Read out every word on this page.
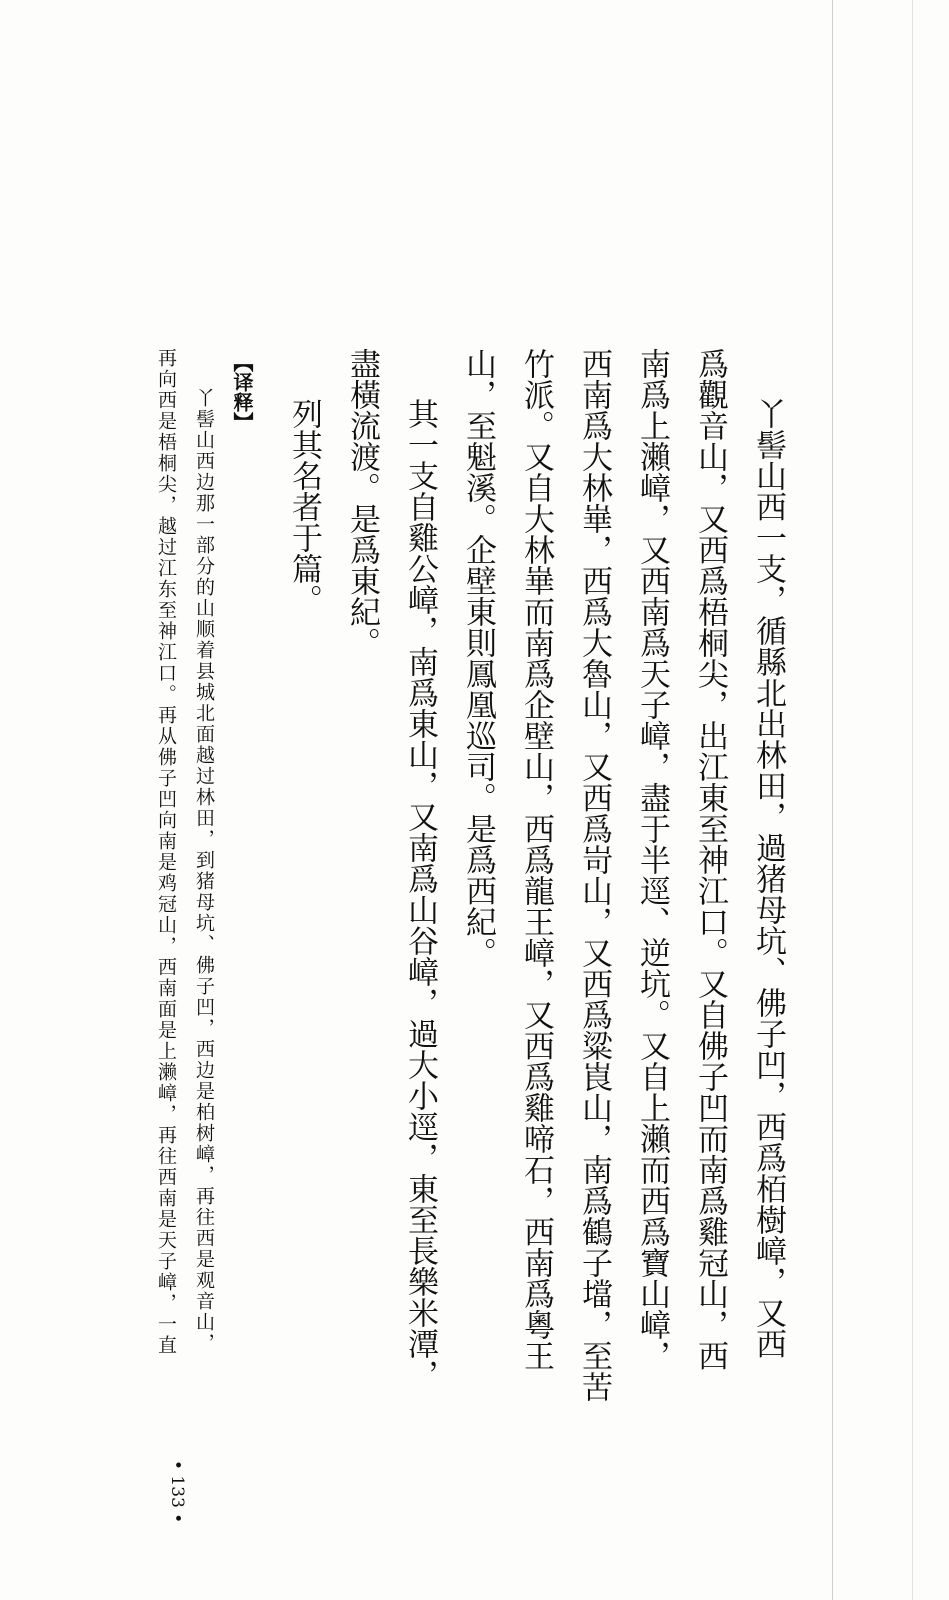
丫髻山西一支，循縣北出林田，過猪母坑、佛子凹，西爲栢樹嶂，又西
爲觀音山，又西爲梧桐尖，出江東至神江口。又自佛子凹而南爲雞冠山，西
南爲上瀨嶂，又西南爲天子嶂，盡于半逕、逆坑。又自上瀨而西爲寶山嶂，
西南爲大林崋，西爲大魯山，又西爲岢山，又西爲粱崀山，南爲鶴子壋，至苦
竹派。又自大林崋而南爲企壁山，西爲龍王嶂，又西爲雞啼石，西南爲粵王
山，至魁溪。企壁東則鳳凰巡司。是爲西紀。
其一支自雞公嶂，南爲東山，又南爲山谷嶂，過大小逕，東至長樂米潭，
盡橫流渡。是爲東紀。
列其名者于篇。
【译释】
丫髻山西边那一部分的山顺着县城北面越过林田，到猪母坑、佛子凹，西边是柏树嶂，再往西是观音山，
再向西是梧桐尖，越过江东至神江口。再从佛子凹向南是鸡冠山，西南面是上濑嶂，再往西南是天子嶂，一直
• 133 •
